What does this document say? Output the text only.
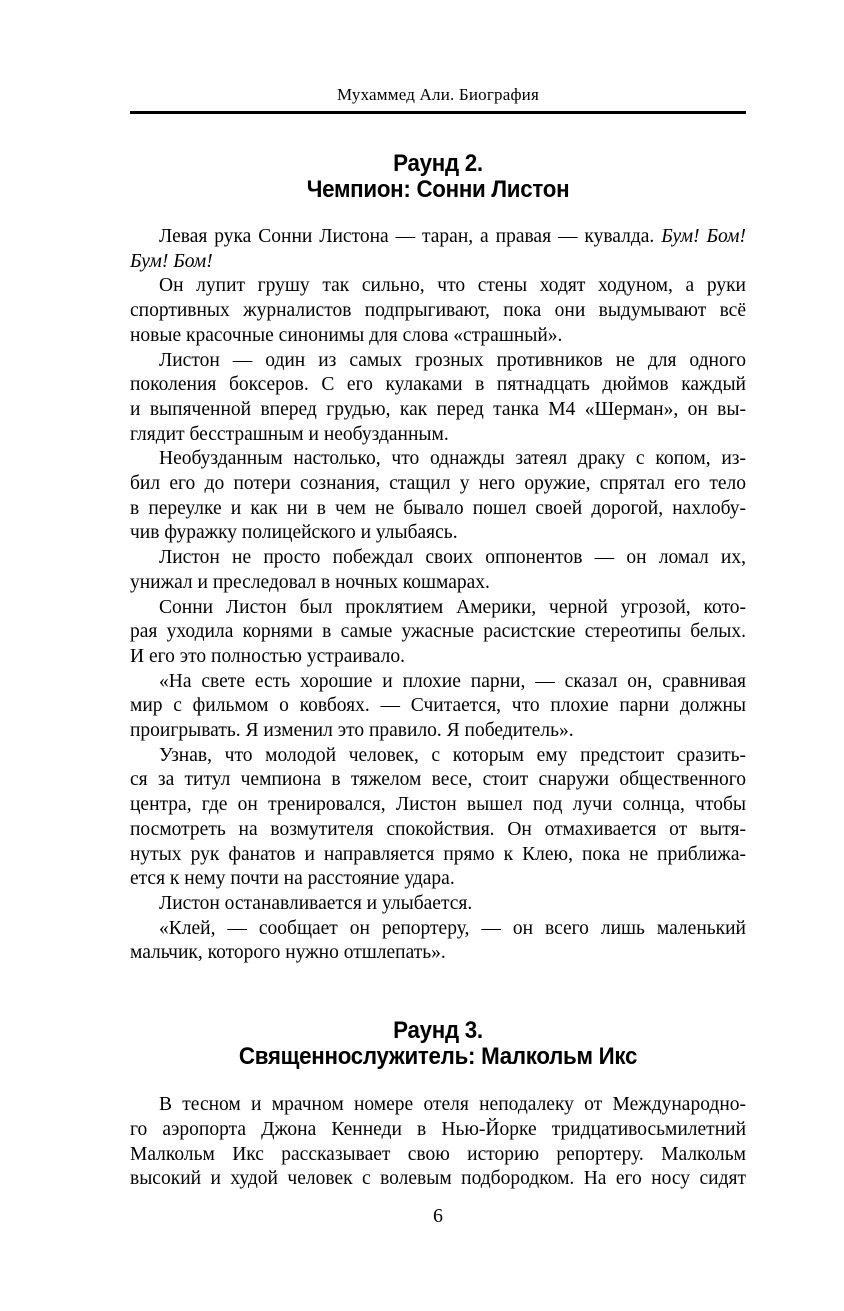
Мухаммед Али. Биография
Раунд 2.
Чемпион: Сонни Листон
Левая рука Сонни Листона — таран, а правая — кувалда. Бум! Бом!
Бум! Бом!
Он лупит грушу так сильно, что стены ходят ходуном, а руки
спортивных журналистов подпрыгивают, пока они выдумывают всё
новые красочные синонимы для слова «страшный».
Листон — один из самых грозных противников не для одного
поколения боксеров. С его кулаками в пятнадцать дюймов каждый
и выпяченной вперед грудью, как перед танка М4 «Шерман», он вы-
глядит бесстрашным и необузданным.
Необузданным настолько, что однажды затеял драку с копом, из-
бил его до потери сознания, стащил у него оружие, спрятал его тело
в переулке и как ни в чем не бывало пошел своей дорогой, нахлобу-
чив фуражку полицейского и улыбаясь.
Листон не просто побеждал своих оппонентов — он ломал их,
унижал и преследовал в ночных кошмарах.
Сонни Листон был проклятием Америки, черной угрозой, кото-
рая уходила корнями в самые ужасные расистские стереотипы белых.
И его это полностью устраивало.
«На свете есть хорошие и плохие парни, — сказал он, сравнивая
мир с фильмом о ковбоях. — Считается, что плохие парни должны
проигрывать. Я изменил это правило. Я победитель».
Узнав, что молодой человек, с которым ему предстоит сразить-
ся за титул чемпиона в тяжелом весе, стоит снаружи общественного
центра, где он тренировался, Листон вышел под лучи солнца, чтобы
посмотреть на возмутителя спокойствия. Он отмахивается от вытя-
нутых рук фанатов и направляется прямо к Клею, пока не приближа-
ется к нему почти на расстояние удара.
Листон останавливается и улыбается.
«Клей, — сообщает он репортеру, — он всего лишь маленький
мальчик, которого нужно отшлепать».
Раунд 3.
Священнослужитель: Малкольм Икс
В тесном и мрачном номере отеля неподалеку от Международно-
го аэропорта Джона Кеннеди в Нью-Йорке тридцативосьмилетний
Малкольм Икс рассказывает свою историю репортеру. Малкольм
высокий и худой человек с волевым подбородком. На его носу сидят
6
